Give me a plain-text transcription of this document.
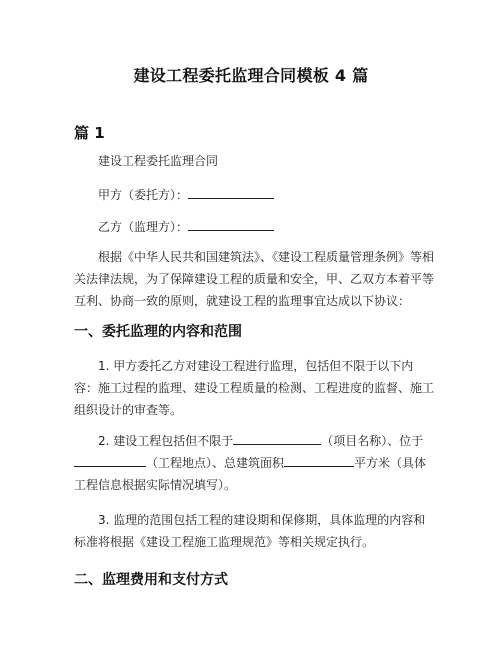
建设工程委托监理合同模板 4 篇
篇 1
建设工程委托监理合同
甲方（委托方）：
乙方（监理方）：
根据《中华人民共和国建筑法》、《建设工程质量管理条例》等相关法律法规，为了保障建设工程的质量和安全，甲、乙双方本着平等互利、协商一致的原则，就建设工程的监理事宜达成以下协议：
一、委托监理的内容和范围
1. 甲方委托乙方对建设工程进行监理，包括但不限于以下内容：施工过程的监理、建设工程质量的检测、工程进度的监督、施工组织设计的审查等。
2. 建设工程包括但不限于	（项目名称）、位于（工程地点）、总建筑面积	平方米（具体工程信息根据实际情况填写）。
3. 监理的范围包括工程的建设期和保修期，具体监理的内容和标准将根据《建设工程施工监理规范》等相关规定执行。
二、监理费用和支付方式
